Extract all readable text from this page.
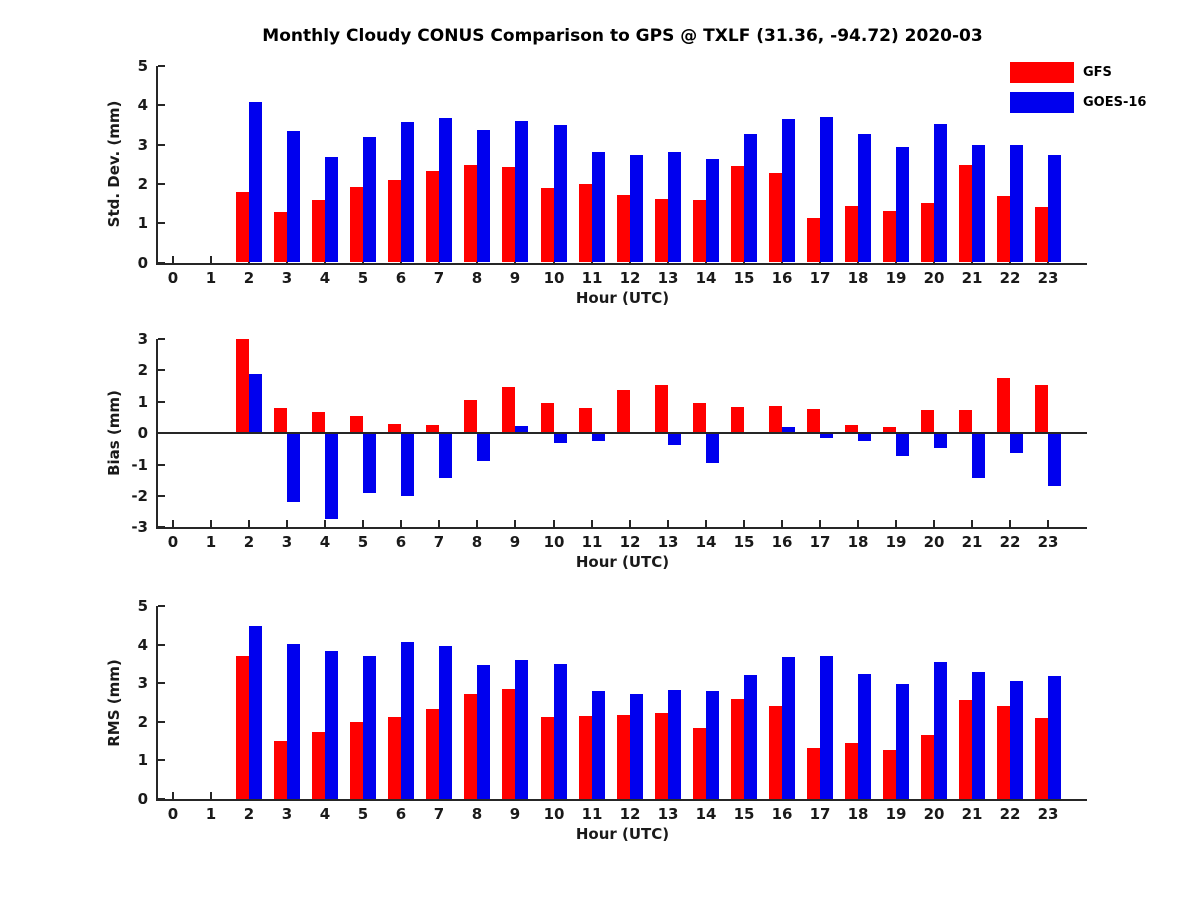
Monthly Cloudy CONUS Comparison to GPS @ TXLF (31.36, -94.72) 2020-03
GFS
GOES-16
Std. Dev. (mm)
Hour (UTC)
0
1
2
3
4
5
0	1	2	3	4	5	6	7	8	9	10	11	12	13	14	15	16	17	18	19	20	21	22	23
Bias (mm)
Hour (UTC)
-3
-2
-1
0
1
2
3
0	1	2	3	4	5	6	7	8	9	10	11	12	13	14	15	16	17	18	19	20	21	22	23
RMS (mm)
Hour (UTC)
0
1
2
3
4
5
0	1	2	3	4	5	6	7	8	9	10	11	12	13	14	15	16	17	18	19	20	21	22	23
